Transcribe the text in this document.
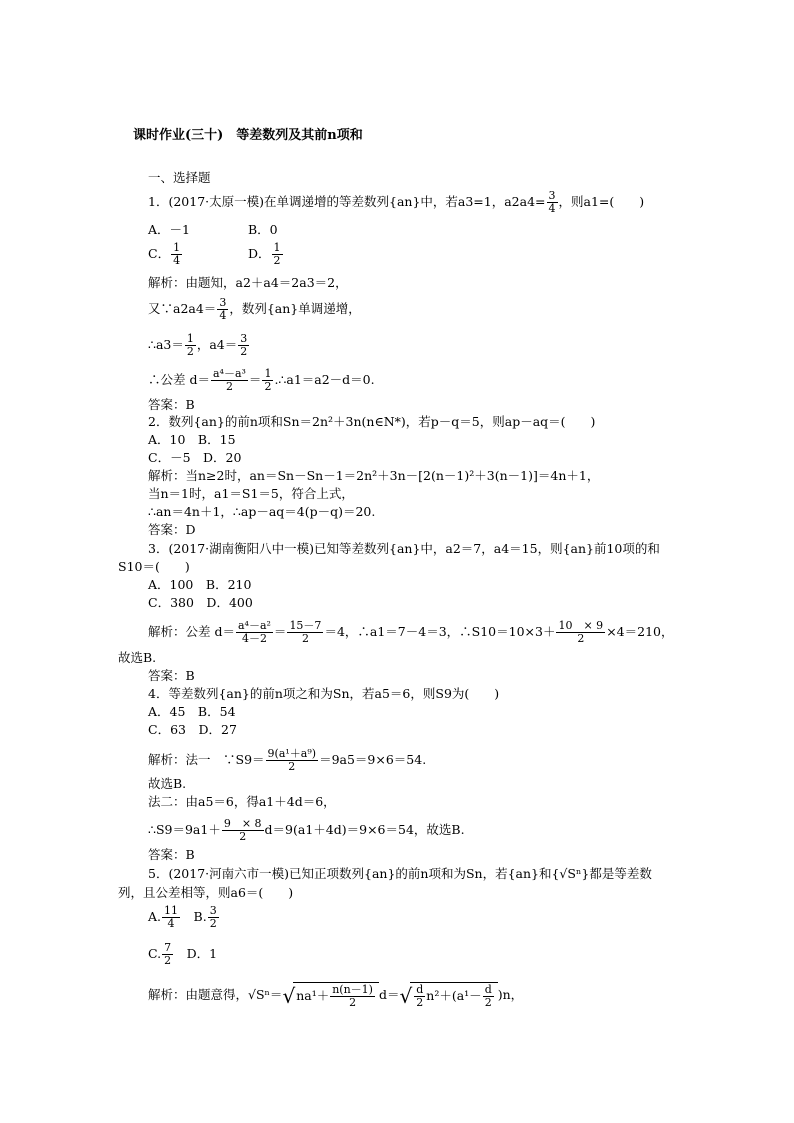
课时作业(三十)　等差数列及其前n项和
一、选择题
1．(2017·太原一模)在单调递增的等差数列{an}中，若a3=1，$a2a4= \frac{3}{4}$ ，则a1=(　　)
A．－1	B．0
C． $\frac{1}{4}$	D． $\frac{1}{2}$
解析：由题知，a2＋a4＝2a3＝2，
又∵a2a4＝ $\frac{3}{4}$ ，数列{an}单调递增，
∴a3＝ $\frac{1}{2}$ ，$a4= \frac{3}{2}$
∴公差 $d= \frac{\text{a⁴－a³}}{2} = \frac{1}{2}$ .∴a1＝a2－d＝0.
答案：B
2．数列{an}的前n项和Sn＝2n²＋3n(n∈N*)，若p－q＝5，则ap－aq＝(　　)
A．10　B．15
C．－5　D．20
解析：当n≥2时，an＝Sn－Sn－1＝2n²＋3n－[2(n－1)²＋3(n－1)]＝4n＋1，
当n＝1时，a1＝S1＝5，符合上式，
∴an＝4n＋1，∴ap－aq＝4(p－q)＝20.
答案：D
3．(2017·湖南衡阳八中一模)已知等差数列{an}中，a2＝7，a4＝15，则{an}前10项的和
S10＝(　　)
A．100　B．210
C．380　D．400
解析：公差 $d= \frac{\text{a⁴－a²}}{4-2} = \frac{15-7}{2} =4$，∴a1＝7－4＝3，∴S10＝10×3＋ $\frac{10 \times 9}{2} \times 4=210$，
故选B.
答案：B
4．等差数列{an}的前n项之和为Sn，若a5＝6，则S9为(　　)
A．45　B．54
C．63　D．27
解析：法一　∵S9＝ $\frac{\text{9(a¹＋a⁹)}}{2} =9a5=9\times 6=54$.
故选B.
法二：由a5＝6，得a1＋4d＝6，
∴S9＝9a1＋ $\frac{9 \times 8}{2} d=9(a1+4d)=9\times 6=54$，故选B.
答案：B
5．(2017·河南六市一模)已知正项数列{an}的前n项和为Sn，若{an}和{√Sⁿ}都是等差数
列，且公差相等，则a6＝(　　)
A. $\frac{11}{4}$ 　B. $\frac{3}{2}$
C. $\frac{7}{2}$ 　D．1
解析：由题意得，$√S^n=√na^1+ \frac{n(n-1)}{2} d=√ \frac{d}{2} n^2+(a^1- \frac{d}{2} )n$，
